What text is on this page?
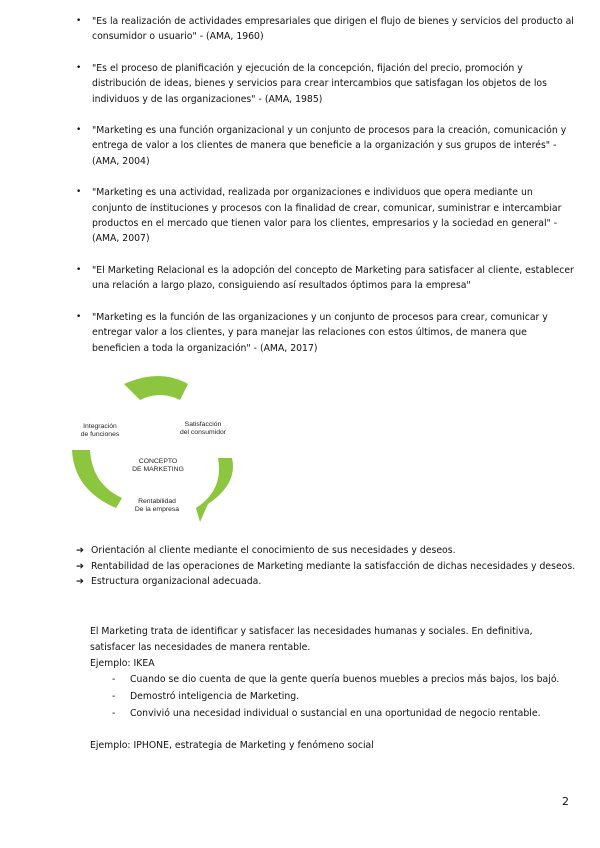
• "Es la realización de actividades empresariales que dirigen el flujo de bienes y servicios del producto al consumidor o usuario" - (AMA, 1960)
• "Es el proceso de planificación y ejecución de la concepción, fijación del precio, promoción y distribución de ideas, bienes y servicios para crear intercambios que satisfagan los objetos de los individuos y de las organizaciones" - (AMA, 1985)
• "Marketing es una función organizacional y un conjunto de procesos para la creación, comunicación y entrega de valor a los clientes de manera que beneficie a la organización y sus grupos de interés" - (AMA, 2004)
• "Marketing es una actividad, realizada por organizaciones e individuos que opera mediante un conjunto de instituciones y procesos con la finalidad de crear, comunicar, suministrar e intercambiar productos en el mercado que tienen valor para los clientes, empresarios y la sociedad en general" - (AMA, 2007)
• "El Marketing Relacional es la adopción del concepto de Marketing para satisfacer al cliente, establecer una relación a largo plazo, consiguiendo así resultados óptimos para la empresa"
• "Marketing es la función de las organizaciones y un conjunto de procesos para crear, comunicar y entregar valor a los clientes, y para manejar las relaciones con estos últimos, de manera que beneficien a toda la organización" - (AMA, 2017)
Integración
de funciones
Satisfacción
del consumidor
CONCEPTO
DE MARKETING
Rentabilidad
De la empresa
➔ Orientación al cliente mediante el conocimiento de sus necesidades y deseos.
➔ Rentabilidad de las operaciones de Marketing mediante la satisfacción de dichas necesidades y deseos.
➔ Estructura organizacional adecuada.
El Marketing trata de identificar y satisfacer las necesidades humanas y sociales. En definitiva, satisfacer las necesidades de manera rentable.
Ejemplo: IKEA
- Cuando se dio cuenta de que la gente quería buenos muebles a precios más bajos, los bajó.
- Demostró inteligencia de Marketing.
- Convivió una necesidad individual o sustancial en una oportunidad de negocio rentable.
Ejemplo: IPHONE, estrategia de Marketing y fenómeno social
2
